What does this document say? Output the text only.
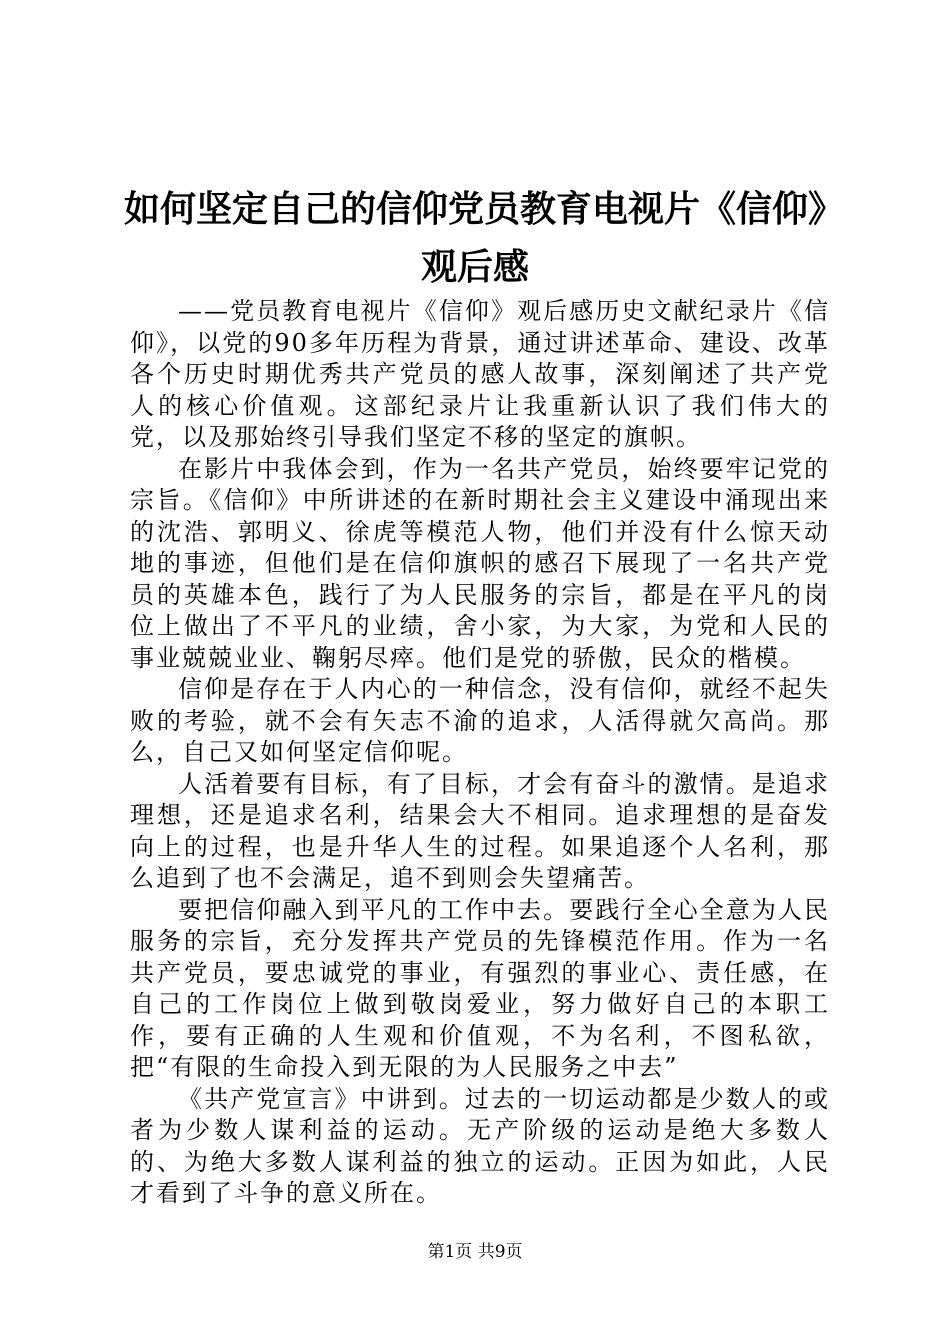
如何坚定自己的信仰党员教育电视片《信仰》观后感

——党员教育电视片《信仰》观后感历史文献纪录片《信仰》，以党的90多年历程为背景，通过讲述革命、建设、改革各个历史时期优秀共产党员的感人故事，深刻阐述了共产党人的核心价值观。这部纪录片让我重新认识了我们伟大的党，以及那始终引导我们坚定不移的坚定的旗帜。

在影片中我体会到，作为一名共产党员，始终要牢记党的宗旨。《信仰》中所讲述的在新时期社会主义建设中涌现出来的沈浩、郭明义、徐虎等模范人物，他们并没有什么惊天动地的事迹，但他们是在信仰旗帜的感召下展现了一名共产党员的英雄本色，践行了为人民服务的宗旨，都是在平凡的岗位上做出了不平凡的业绩，舍小家，为大家，为党和人民的事业兢兢业业、鞠躬尽瘁。他们是党的骄傲，民众的楷模。

信仰是存在于人内心的一种信念，没有信仰，就经不起失败的考验，就不会有矢志不渝的追求，人活得就欠高尚。那么，自己又如何坚定信仰呢。

人活着要有目标，有了目标，才会有奋斗的激情。是追求理想，还是追求名利，结果会大不相同。追求理想的是奋发向上的过程，也是升华人生的过程。如果追逐个人名利，那么追到了也不会满足，追不到则会失望痛苦。

要把信仰融入到平凡的工作中去。要践行全心全意为人民服务的宗旨，充分发挥共产党员的先锋模范作用。作为一名共产党员，要忠诚党的事业，有强烈的事业心、责任感，在自己的工作岗位上做到敬岗爱业，努力做好自己的本职工作，要有正确的人生观和价值观，不为名利，不图私欲，把“有限的生命投入到无限的为人民服务之中去”

《共产党宣言》中讲到。过去的一切运动都是少数人的或者为少数人谋利益的运动。无产阶级的运动是绝大多数人的、为绝大多数人谋利益的独立的运动。正因为如此，人民才看到了斗争的意义所在。

第1页 共9页
